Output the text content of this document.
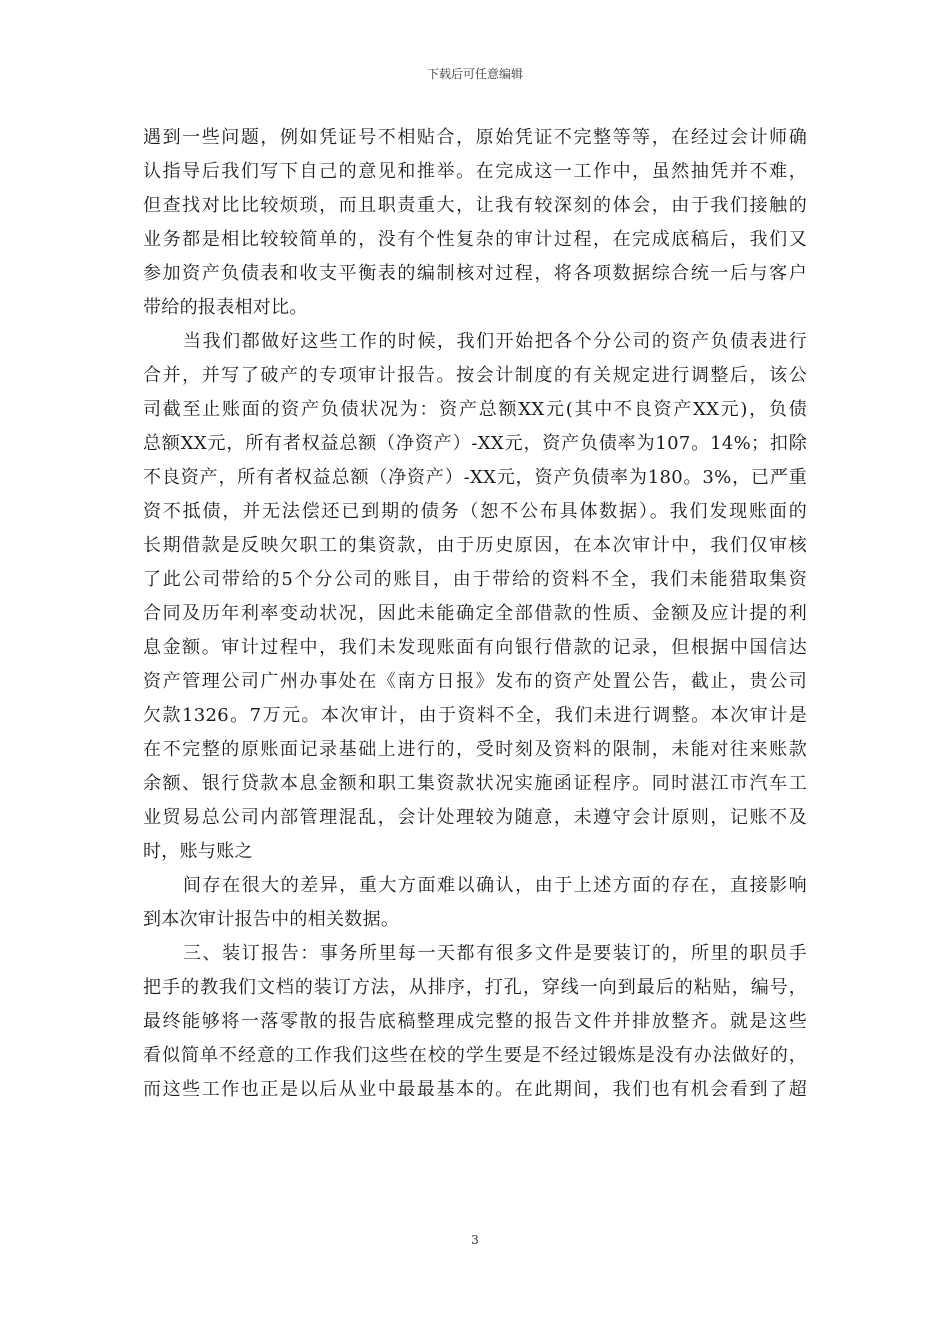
下载后可任意编辑
遇到一些问题，例如凭证号不相贴合，原始凭证不完整等等，在经过会计师确
认指导后我们写下自己的意见和推举。在完成这一工作中，虽然抽凭并不难，
但查找对比比较烦琐，而且职责重大，让我有较深刻的体会，由于我们接触的
业务都是相比较较简单的，没有个性复杂的审计过程，在完成底稿后，我们又
参加资产负债表和收支平衡表的编制核对过程，将各项数据综合统一后与客户
带给的报表相对比。
当我们都做好这些工作的时候，我们开始把各个分公司的资产负债表进行
合并，并写了破产的专项审计报告。按会计制度的有关规定进行调整后，该公
司截至止账面的资产负债状况为：资产总额XX元(其中不良资产XX元)，负债
总额XX元，所有者权益总额（净资产）-XX元，资产负债率为107。14%；扣除
不良资产，所有者权益总额（净资产）-XX元，资产负债率为180。3%，已严重
资不抵债，并无法偿还已到期的债务（恕不公布具体数据）。我们发现账面的
长期借款是反映欠职工的集资款，由于历史原因，在本次审计中，我们仅审核
了此公司带给的5个分公司的账目，由于带给的资料不全，我们未能猎取集资
合同及历年利率变动状况，因此未能确定全部借款的性质、金额及应计提的利
息金额。审计过程中，我们未发现账面有向银行借款的记录，但根据中国信达
资产管理公司广州办事处在《南方日报》发布的资产处置公告，截止，贵公司
欠款1326。7万元。本次审计，由于资料不全，我们未进行调整。本次审计是
在不完整的原账面记录基础上进行的，受时刻及资料的限制，未能对往来账款
余额、银行贷款本息金额和职工集资款状况实施函证程序。同时湛江市汽车工
业贸易总公司内部管理混乱，会计处理较为随意，未遵守会计原则，记账不及
时，账与账之
间存在很大的差异，重大方面难以确认，由于上述方面的存在，直接影响
到本次审计报告中的相关数据。
三、装订报告：事务所里每一天都有很多文件是要装订的，所里的职员手
把手的教我们文档的装订方法，从排序，打孔，穿线一向到最后的粘贴，编号，
最终能够将一落零散的报告底稿整理成完整的报告文件并排放整齐。就是这些
看似简单不经意的工作我们这些在校的学生要是不经过锻炼是没有办法做好的，
而这些工作也正是以后从业中最最基本的。在此期间，我们也有机会看到了超
3
